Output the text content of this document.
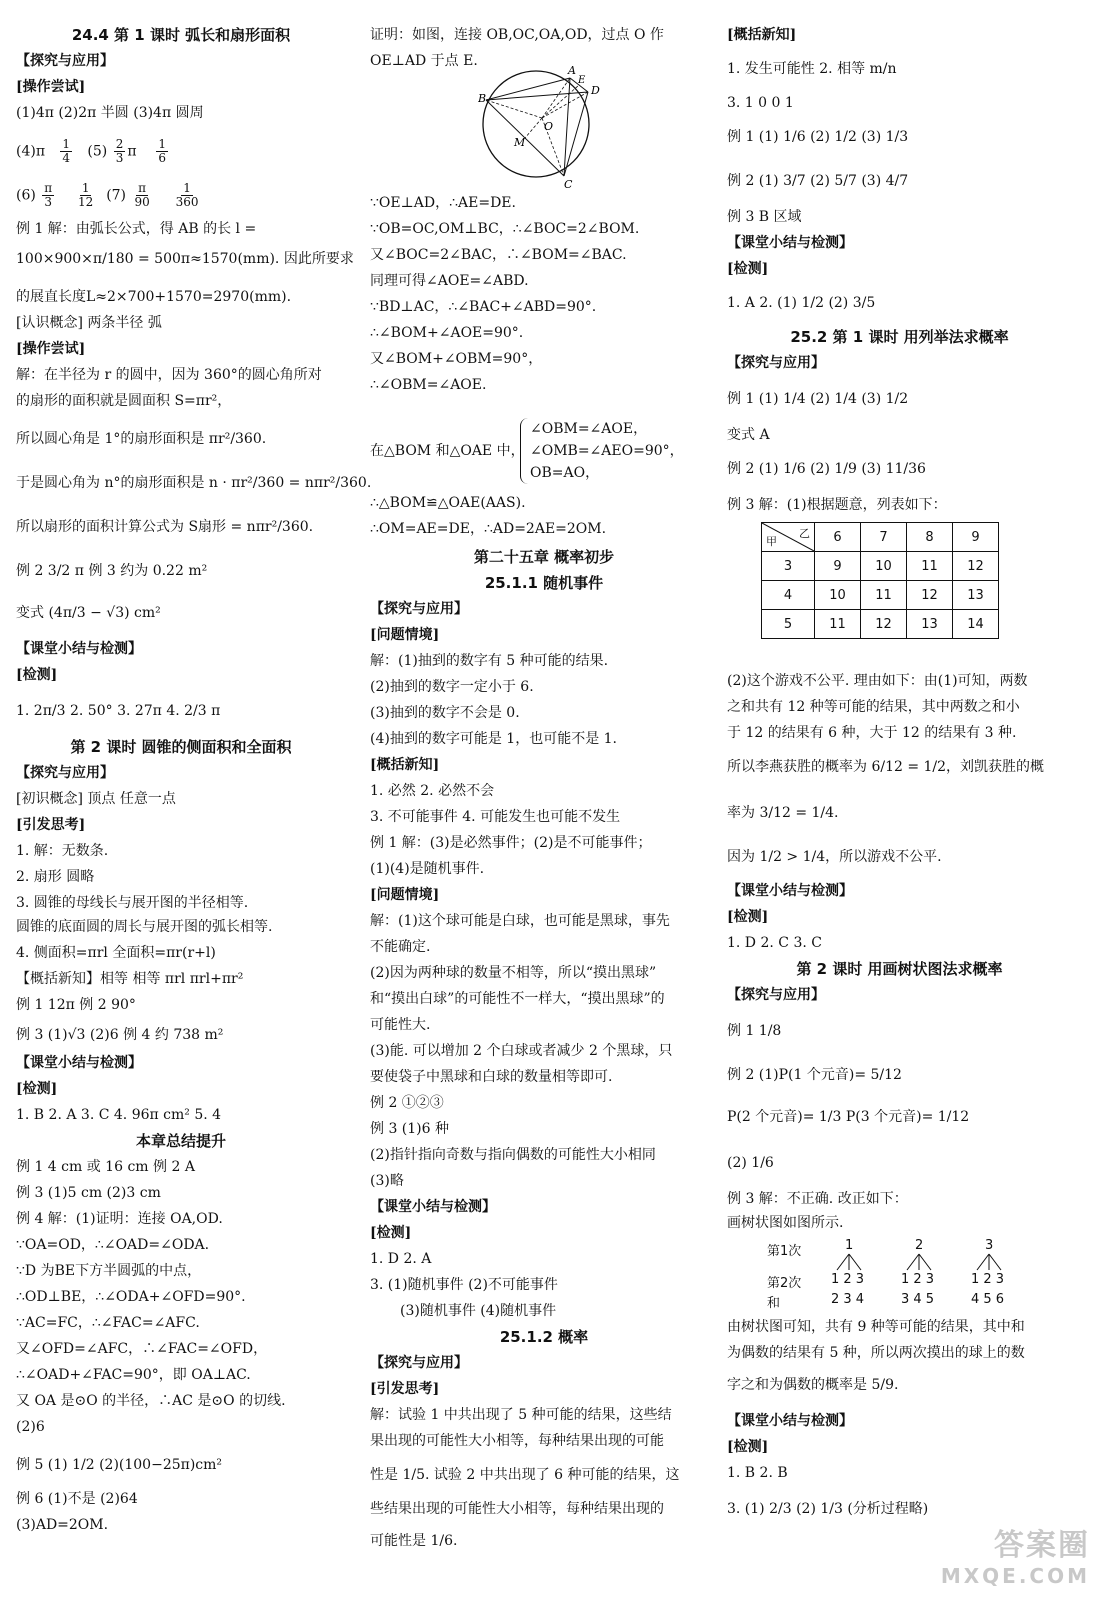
24.4 第 1 课时 弧长和扇形面积
【探究与应用】
[操作尝试]
(1)4π (2)2π 半圆 (3)4π 圆周
$(4)\pi \frac{1}{4} (5) \frac{2}{3}$ π $\frac{1}{6}$
$(6) \frac{\pi}{3}$
$\frac{1}{12} (7) \frac{\pi}{90}$
$\frac{1}{360}$
例 1 解：由弧长公式，得 AB 的长 l =
100×900×π/180 = 500π≈1570(mm). 因此所要求
的展直长度L≈2×700+1570=2970(mm).
[认识概念] 两条半径 弧
[操作尝试]
解：在半径为 r 的圆中，因为 360°的圆心角所对
的扇形的面积就是圆面积 S=πr²，
所以圆心角是 1°的扇形面积是 πr²/360.
于是圆心角为 n°的扇形面积是 n · πr²/360 = nπr²/360.
所以扇形的面积计算公式为 S扇形 = nπr²/360.
例 2 3/2 π 例 3 约为 0.22 m²
变式 (4π/3 − √3) cm²
【课堂小结与检测】
[检测]
1. 2π/3 2. 50° 3. 27π 4. 2/3 π
第 2 课时 圆锥的侧面积和全面积
【探究与应用】
[初识概念] 顶点 任意一点
[引发思考]
1. 解：无数条.
2. 扇形 圆略
3. 圆锥的母线长与展开图的半径相等.
圆锥的底面圆的周长与展开图的弧长相等.
4. 侧面积=πrl 全面积=πr(r+l)
【概括新知】相等 相等 πrl πrl+πr²
例 1 12π 例 2 90°
例 3 (1)√3 (2)6 例 4 约 738 m²
【课堂小结与检测】
[检测]
1. B 2. A 3. C 4. 96π cm² 5. 4
本章总结提升
例 1 4 cm 或 16 cm 例 2 A
例 3 (1)5 cm (2)3 cm
例 4 解：(1)证明：连接 OA,OD.
∵OA=OD，∴∠OAD=∠ODA.
∵D 为BE下方半圆弧的中点，
∴OD⊥BE，∴∠ODA+∠OFD=90°.
∵AC=FC，∴∠FAC=∠AFC.
又∠OFD=∠AFC，∴∠FAC=∠OFD，
∴∠OAD+∠FAC=90°，即 OA⊥AC.
又 OA 是⊙O 的半径，∴AC 是⊙O 的切线.
(2)6
例 5 (1) 1/2 (2)(100−25π)cm²
例 6 (1)不是 (2)64
(3)AD=2OM.
证明：如图，连接 OB,OC,OA,OD，过点 O 作
OE⊥AD 于点 E.
B
A
D
C
E
O
M
∵OE⊥AD，∴AE=DE.
∵OB=OC,OM⊥BC，∴∠BOC=2∠BOM.
又∠BOC=2∠BAC，∴∠BOM=∠BAC.
同理可得∠AOE=∠ABD.
∵BD⊥AC，∴∠BAC+∠ABD=90°.
∴∠BOM+∠AOE=90°.
又∠BOM+∠OBM=90°，
∴∠OBM=∠AOE.
在△BOM 和△OAE 中，
∠OBM=∠AOE，
∠OMB=∠AEO=90°，
OB=AO，
∴△BOM≌△OAE(AAS).
∴OM=AE=DE，∴AD=2AE=2OM.
第二十五章 概率初步
25.1.1 随机事件
【探究与应用】
[问题情境]
解：(1)抽到的数字有 5 种可能的结果.
(2)抽到的数字一定小于 6.
(3)抽到的数字不会是 0.
(4)抽到的数字可能是 1，也可能不是 1.
[概括新知]
1. 必然 2. 必然不会
3. 不可能事件 4. 可能发生也可能不发生
例 1 解：(3)是必然事件；(2)是不可能事件；
(1)(4)是随机事件.
[问题情境]
解：(1)这个球可能是白球，也可能是黑球，事先
不能确定.
(2)因为两种球的数量不相等，所以“摸出黑球”
和“摸出白球”的可能性不一样大，“摸出黑球”的
可能性大.
(3)能. 可以增加 2 个白球或者减少 2 个黑球，只
要使袋子中黑球和白球的数量相等即可.
例 2 ①②③
例 3 (1)6 种
(2)指针指向奇数与指向偶数的可能性大小相同
(3)略
【课堂小结与检测】
[检测]
1. D 2. A
3. (1)随机事件 (2)不可能事件
(3)随机事件 (4)随机事件
25.1.2 概率
【探究与应用】
[引发思考]
解：试验 1 中共出现了 5 种可能的结果，这些结
果出现的可能性大小相等，每种结果出现的可能
性是 1/5. 试验 2 中共出现了 6 种可能的结果，这
些结果出现的可能性大小相等，每种结果出现的
可能性是 1/6.
[概括新知]
1. 发生可能性 2. 相等 m/n
3. 1 0 0 1
例 1 (1) 1/6 (2) 1/2 (3) 1/3
例 2 (1) 3/7 (2) 5/7 (3) 4/7
例 3 B 区域
【课堂小结与检测】
[检测]
1. A 2. (1) 1/2 (2) 3/5
25.2 第 1 课时 用列举法求概率
【探究与应用】
例 1 (1) 1/4 (2) 1/4 (3) 1/2
变式 A
例 2 (1) 1/6 (2) 1/9 (3) 11/36
例 3 解：(1)根据题意，列表如下：
乙
甲	6	7	8	9
3	9	10	11	12
4	10	11	12	13
5	11	12	13	14
(2)这个游戏不公平. 理由如下：由(1)可知，两数
之和共有 12 种等可能的结果，其中两数之和小
于 12 的结果有 6 种，大于 12 的结果有 3 种.
所以李燕获胜的概率为 6/12 = 1/2，刘凯获胜的概
率为 3/12 = 1/4.
因为 1/2 > 1/4，所以游戏不公平.
【课堂小结与检测】
[检测]
1. D 2. C 3. C
第 2 课时 用画树状图法求概率
【探究与应用】
例 1 1/8
例 2 (1)P(1 个元音)= 5/12
P(2 个元音)= 1/3 P(3 个元音)= 1/12
(2) 1/6
例 3 解：不正确. 改正如下：
画树状图如图所示.
第1次	1	2	3
第2次 1 2 3	1 2 3	1 2 3
和	2 3 4	3 4 5	4 5 6
由树状图可知，共有 9 种等可能的结果，其中和
为偶数的结果有 5 种，所以两次摸出的球上的数
字之和为偶数的概率是 5/9.
【课堂小结与检测】
[检测]
1. B 2. B
3. (1) 2/3 (2) 1/3 (分析过程略)
答案圈
MXQE.COM
